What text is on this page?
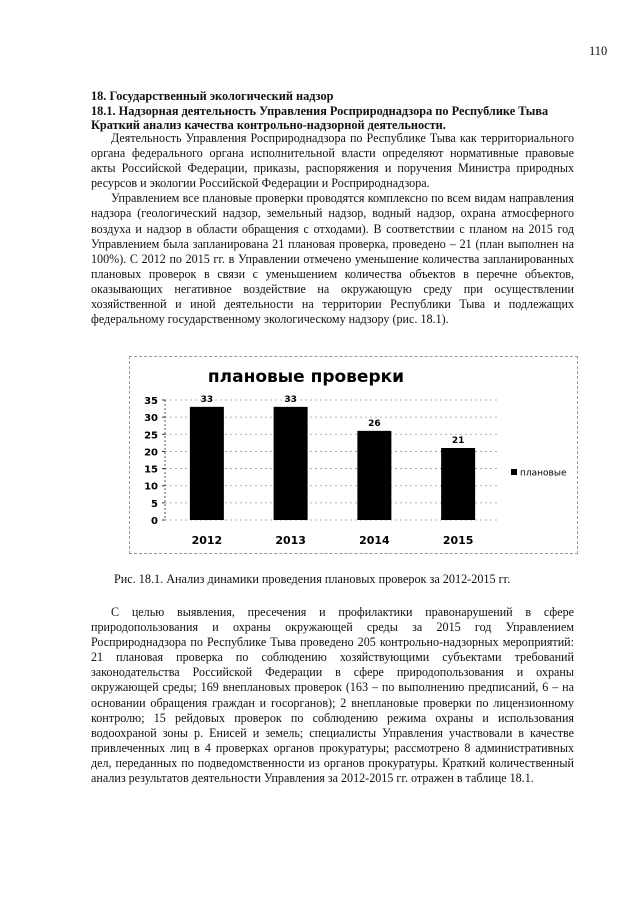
110
18. Государственный экологический надзор
18.1. Надзорная деятельность Управления Росприроднадзора по Республике Тыва
Краткий анализ качества контрольно-надзорной деятельности.

Деятельность Управления Росприроднадзора по Республике Тыва как территориального органа федерального органа исполнительной власти определяют нормативные правовые акты Российской Федерации, приказы, распоряжения и поручения Министра природных ресурсов и экологии Российской Федерации и Росприроднадзора.

Управлением все плановые проверки проводятся комплексно по всем видам направления надзора (геологический надзор, земельный надзор, водный надзор, охрана атмосферного воздуха и надзор в области обращения с отходами). В соответствии с планом на 2015 год Управлением была запланирована 21 плановая проверка, проведено – 21 (план выполнен на 100%). С 2012 по 2015 гг. в Управлении отмечено уменьшение количества запланированных плановых проверок в связи с уменьшением количества объектов в перечне объектов, оказывающих негативное воздействие на окружающую среду при осуществлении хозяйственной и иной деятельности на территории Республики Тыва и подлежащих федеральному государственному экологическому надзору (рис. 18.1).

плановые проверки
0
5
10
15
20
25
30
35	33	33
26
21
2012	2013	2014	2015
плановые
Рис. 18.1. Анализ динамики проведения плановых проверок за 2012-2015 гг.

С целью выявления, пресечения и профилактики правонарушений в сфере природопользования и охраны окружающей среды за 2015 год Управлением Росприроднадзора по Республике Тыва проведено 205 контрольно-надзорных мероприятий: 21 плановая проверка по соблюдению хозяйствующими субъектами требований законодательства Российской Федерации в сфере природопользования и охраны окружающей среды; 169 внеплановых проверок (163 – по выполнению предписаний, 6 – на основании обращения граждан и госорганов); 2 внеплановые проверки по лицензионному контролю; 15 рейдовых проверок по соблюдению режима охраны и использования водоохраной зоны р. Енисей и земель; специалисты Управления участвовали в качестве привлеченных лиц в 4 проверках органов прокуратуры; рассмотрено 8 административных дел, переданных по подведомственности из органов прокуратуры. Краткий количественный анализ результатов деятельности Управления за 2012-2015 гг. отражен в таблице 18.1.
